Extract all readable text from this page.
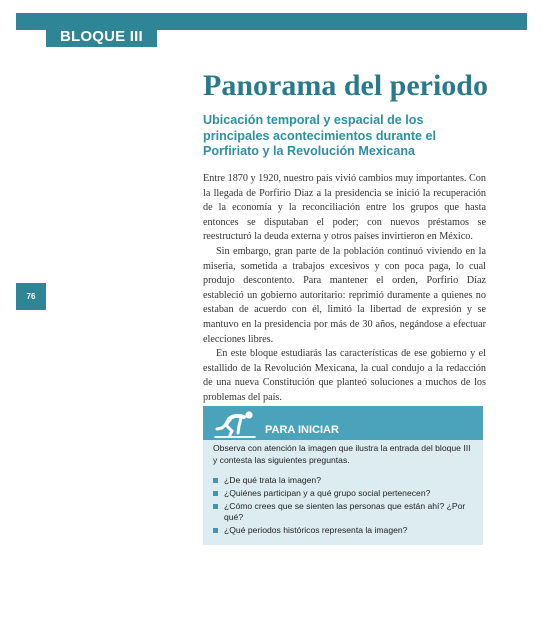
BLOQUE III
76
Panorama del periodo
Ubicación temporal y espacial de los principales acontecimientos durante el Porfiriato y la Revolución Mexicana

Entre 1870 y 1920, nuestro país vivió cambios muy importantes. Con la llegada de Porfirio Díaz a la presidencia se inició la recuperación de la economía y la reconciliación entre los grupos que hasta entonces se disputaban el poder; con nuevos préstamos se reestructuró la deuda externa y otros países invirtieron en México.

Sin embargo, gran parte de la población continuó viviendo en la miseria, sometida a trabajos excesivos y con poca paga, lo cual produjo descontento. Para mantener el orden, Porfirio Díaz estableció un gobierno autoritario: reprimió duramente a quienes no estaban de acuerdo con él, limitó la libertad de expresión y se mantuvo en la presidencia por más de 30 años, negándose a efectuar elecciones libres.

En este bloque estudiarás las características de ese gobierno y el estallido de la Revolución Mexicana, la cual condujo a la redacción de una nueva Constitución que planteó soluciones a muchos de los problemas del país.

PARA INICIAR

Observa con atención la imagen que ilustra la entrada del bloque III y contesta las siguientes preguntas.

¿De qué trata la imagen?
¿Quiénes participan y a qué grupo social pertenecen?
¿Cómo crees que se sienten las personas que están ahí? ¿Por qué?
¿Qué periodos históricos representa la imagen?
